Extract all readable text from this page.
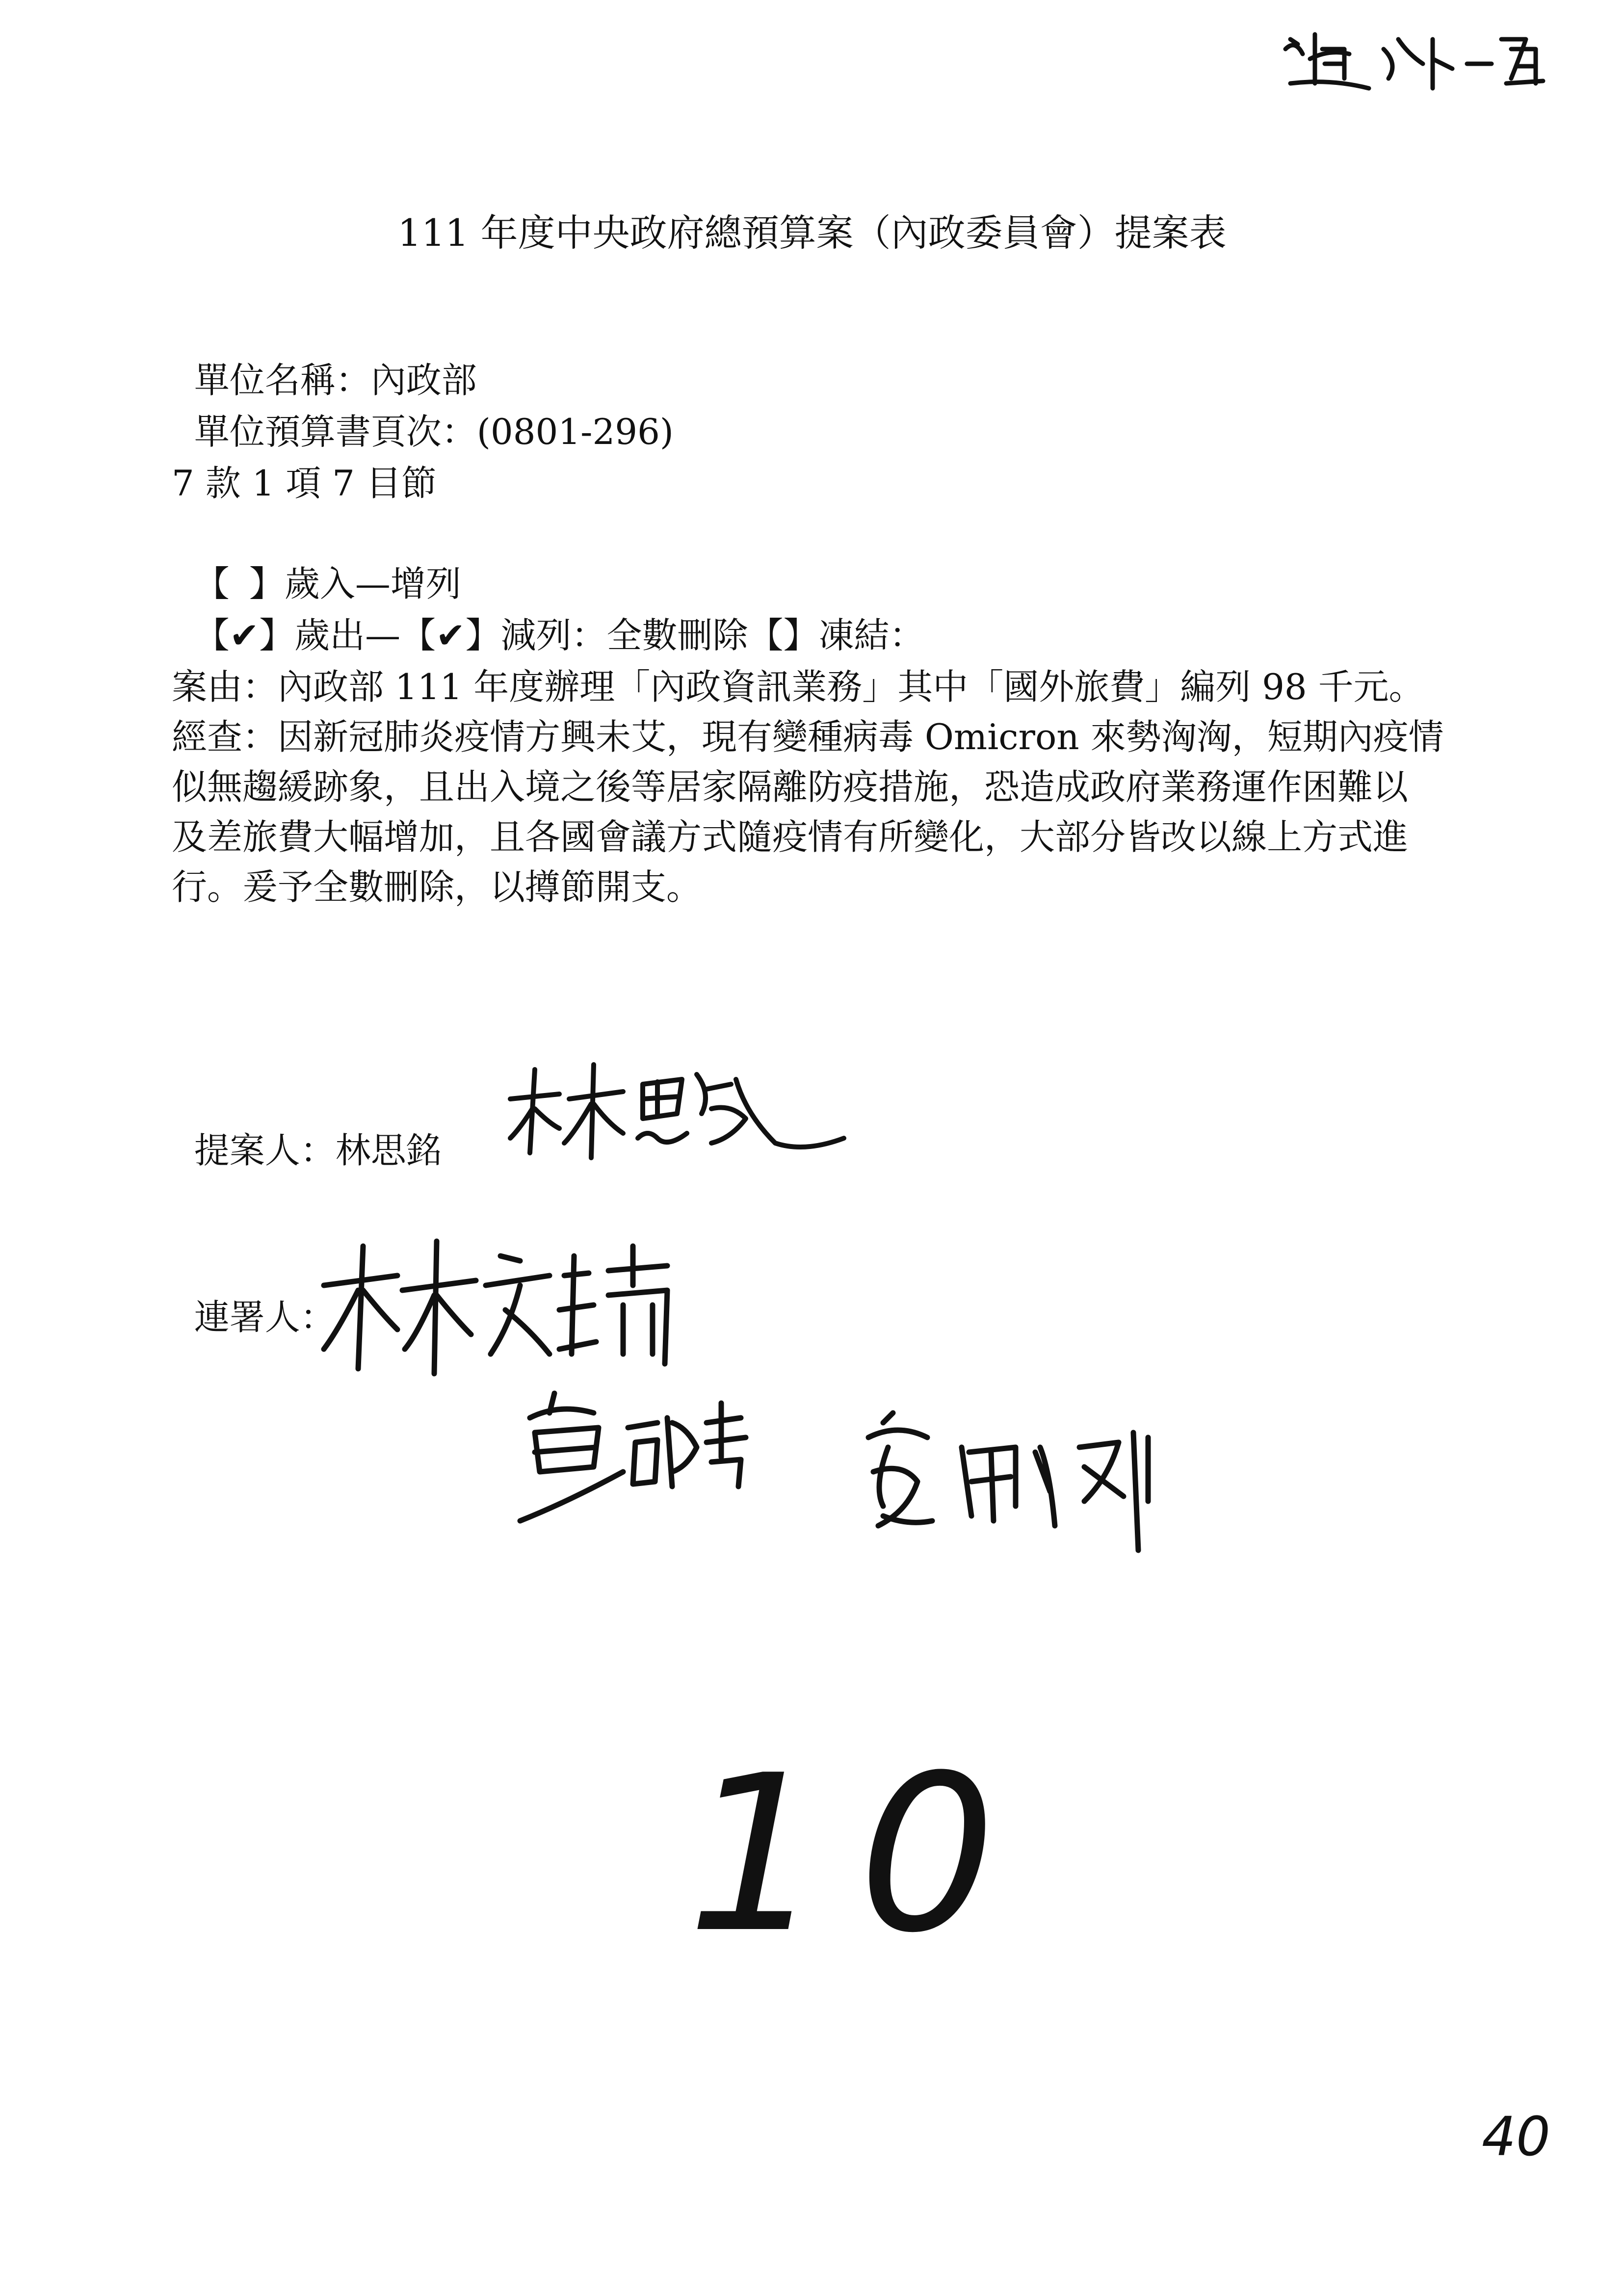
111 年度中央政府總預算案（內政委員會）提案表

單位名稱：內政部

單位預算書頁次：(0801-296)

7 款 1 項 7 目節

【 】歲入—增列

【✔】歲出—【✔】減列：全數刪除【】凍結：

案由：內政部 111 年度辦理「內政資訊業務」其中「國外旅費」編列 98 千元。
經查：因新冠肺炎疫情方興未艾，現有變種病毒 Omicron 來勢洶洶，短期內疫情
似無趨緩跡象，且出入境之後等居家隔離防疫措施，恐造成政府業務運作困難以
及差旅費大幅增加，且各國會議方式隨疫情有所變化，大部分皆改以線上方式進
行。爰予全數刪除，以撙節開支。

提案人：林思銘

連署人：

10
40
